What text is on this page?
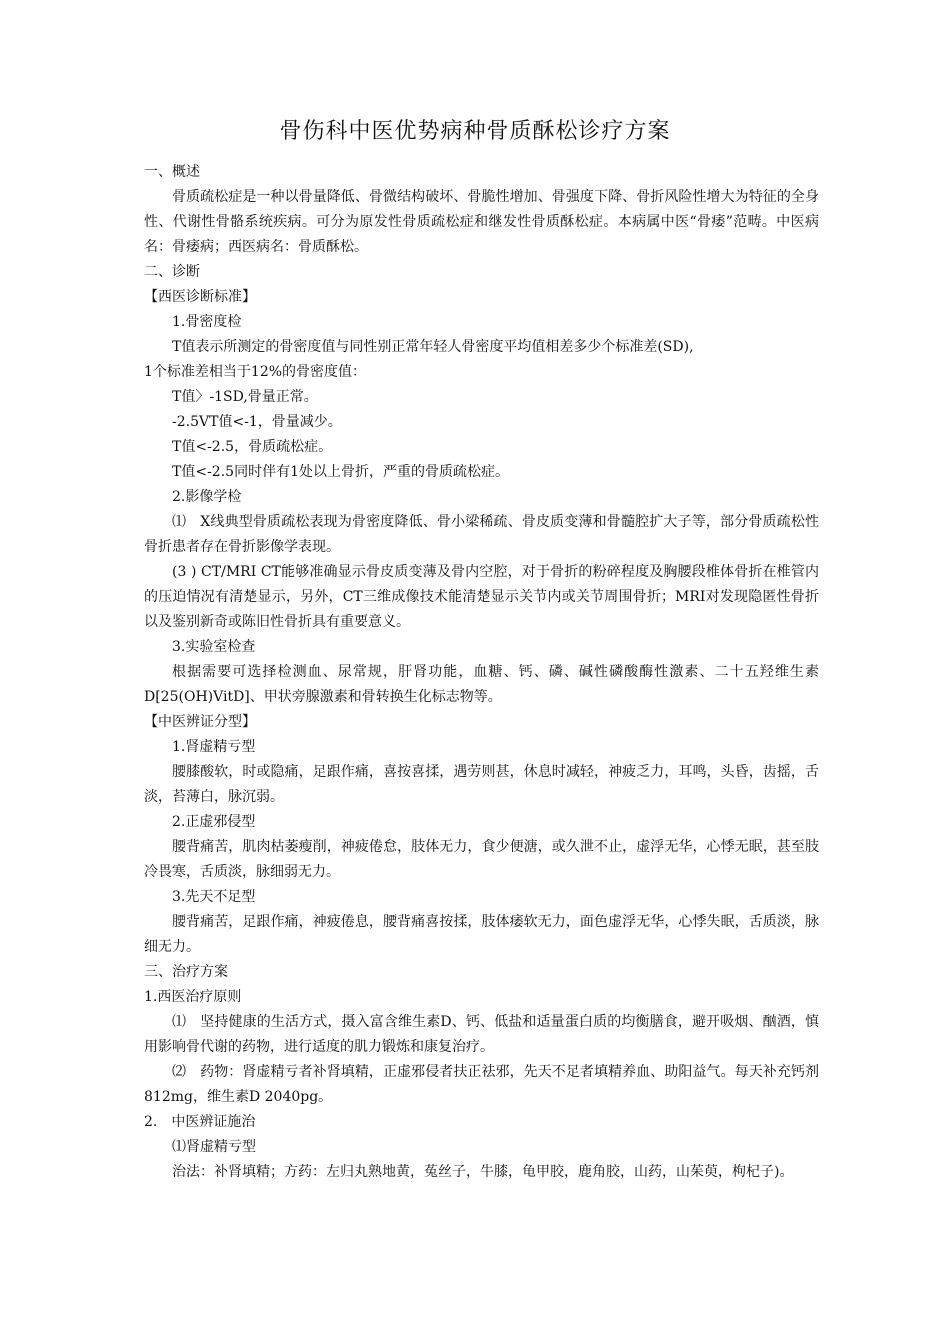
骨伤科中医优势病种骨质酥松诊疗方案

一、概述

骨质疏松症是一种以骨量降低、骨微结构破坏、骨脆性增加、骨强度下降、骨折风险性增大为特征的全身性、代谢性骨骼系统疾病。可分为原发性骨质疏松症和继发性骨质酥松症。本病属中医“骨痿”范畴。中医病名：骨痿病；西医病名：骨质酥松。

二、诊断

【西医诊断标准】

1.骨密度检

T值表示所测定的骨密度值与同性别正常年轻人骨密度平均值相差多少个标准差(SD),

1个标准差相当于12%的骨密度值：

T值〉-1SD,骨量正常。

-2.5VT值<-1，骨量减少。

T值<-2.5，骨质疏松症。

T值<-2.5同时伴有1处以上骨折，严重的骨质疏松症。

2.影像学检

⑴　X线典型骨质疏松表现为骨密度降低、骨小梁稀疏、骨皮质变薄和骨髓腔扩大子等，部分骨质疏松性骨折患者存在骨折影像学表现。

(3 ) CT/MRI CT能够准确显示骨皮质变薄及骨内空腔，对于骨折的粉碎程度及胸腰段椎体骨折在椎管内的压迫情况有清楚显示，另外，CT三维成像技术能清楚显示关节内或关节周围骨折；MRI对发现隐匿性骨折以及鉴别新奇或陈旧性骨折具有重要意义。

3.实验室检查

根据需要可选择检测血、尿常规，肝肾功能，血糖、钙、磷、碱性磷酸酶性激素、二十五羟维生素D[25(OH)VitD]、甲状旁腺激素和骨转换生化标志物等。

【中医辨证分型】

1.肾虚精亏型

腰膝酸软，时或隐痛，足跟作痛，喜按喜揉，遇劳则甚，休息时减轻，神疲乏力，耳鸣，头昏，齿摇，舌淡，苔薄白，脉沉弱。

2.正虚邪侵型

腰背痛苦，肌肉枯萎瘦削，神疲倦怠，肢体无力，食少便溏，或久泄不止，虚浮无华，心悸无眠，甚至肢冷畏寒，舌质淡，脉细弱无力。

3.先天不足型

腰背痛苦，足跟作痛，神疲倦息，腰背痛喜按揉，肢体痿软无力，面色虚浮无华，心悸失眠，舌质淡，脉细无力。

三、治疗方案

1.西医治疗原则

⑴　坚持健康的生活方式，摄入富含维生素D、钙、低盐和适量蛋白质的均衡膳食，避开吸烟、酗酒，慎用影响骨代谢的药物，进行适度的肌力锻炼和康复治疗。

⑵　药物：肾虚精亏者补肾填精，正虚邪侵者扶正祛邪，先天不足者填精养血、助阳益气。每天补充钙剂812mg，维生素D 2040pg。

2.　中医辨证施治

⑴肾虚精亏型

治法：补肾填精；方药：左归丸熟地黄，菟丝子，牛膝，龟甲胶，鹿角胶，山药，山茱萸，枸杞子)。
